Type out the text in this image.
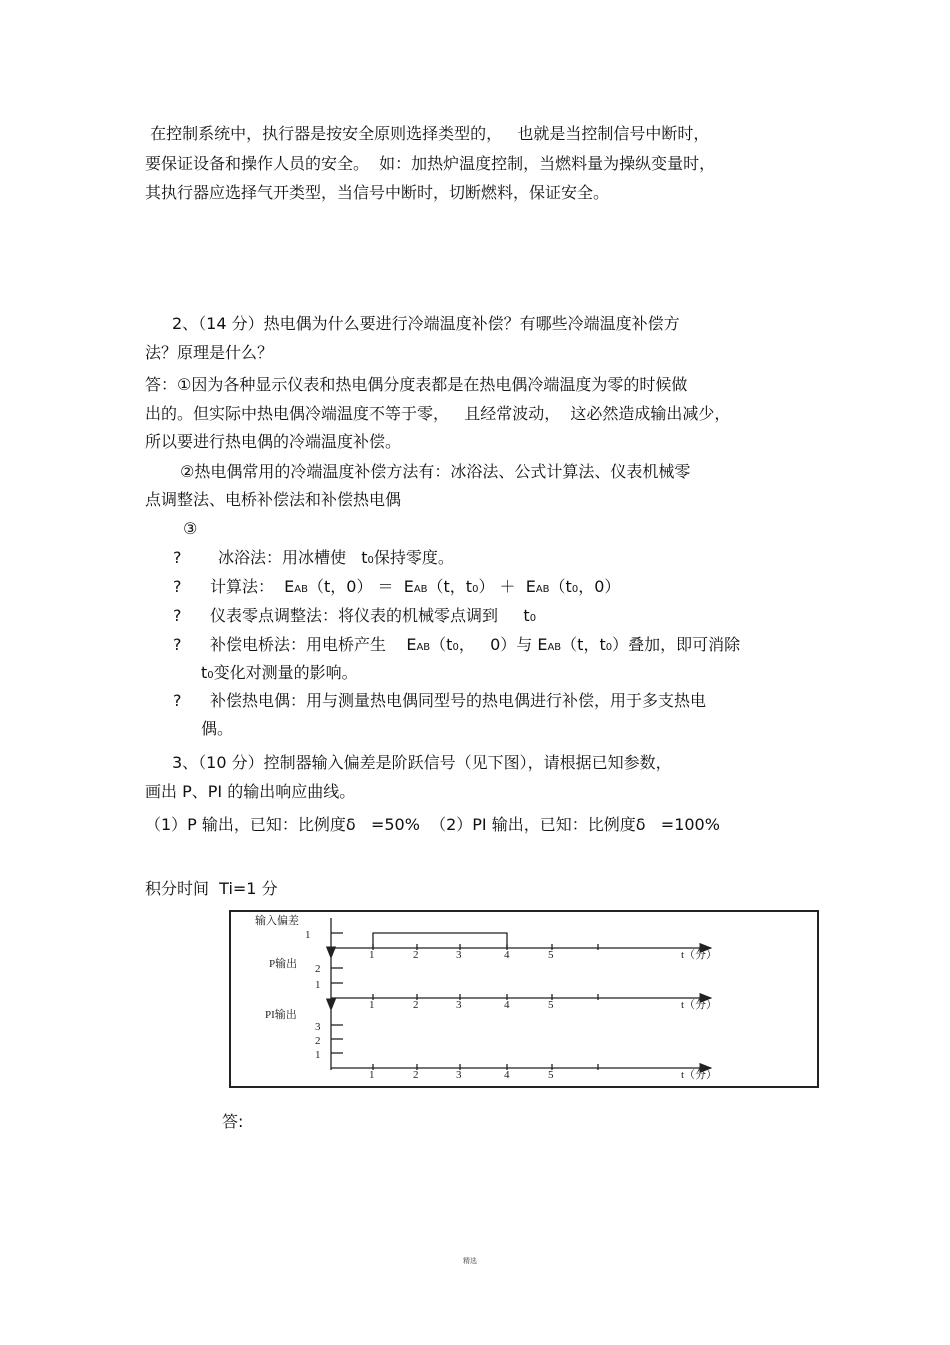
在控制系统中，执行器是按安全原则选择类型的，   也就是当控制信号中断时，
要保证设备和操作人员的安全。  如：加热炉温度控制，当燃料量为操纵变量时，
其执行器应选择气开类型，当信号中断时，切断燃料，保证安全。
2、（14 分）热电偶为什么要进行冷端温度补偿？有哪些冷端温度补偿方
法？原理是什么？
答：①因为各种显示仪表和热电偶分度表都是在热电偶冷端温度为零的时候做
出的。但实际中热电偶冷端温度不等于零，   且经常波动，  这必然造成输出减少，
所以要进行热电偶的冷端温度补偿。
②热电偶常用的冷端温度补偿方法有：冰浴法、公式计算法、仪表机械零
点调整法、电桥补偿法和补偿热电偶
③
? 冰浴法：用冰槽使   t0保持零度。
? 计算法：  EAB（t，0） ＝  EAB（t，t0） ＋  EAB（t0，0）
? 仪表零点调整法：将仪表的机械零点调到     t0
? 补偿电桥法：用电桥产生    EAB（t0，   0）与 EAB（t，t0）叠加，即可消除
t0变化对测量的影响。
? 补偿热电偶：用与测量热电偶同型号的热电偶进行补偿，用于多支热电
偶。
3、（10 分）控制器输入偏差是阶跃信号（见下图），请根据已知参数，
画出 P、PI 的输出响应曲线。
（1）P 输出，已知：比例度δ   =50%  （2）PI 输出，已知：比例度δ   =100%
积分时间  Ti=1 分
输入偏差
P输出
PI输出
1
2
1
3
2
1
1	2	3	4	5	t（分）
1	2	3	4	5	t（分）
1	2	3	4	5	t（分）
答:
精选
